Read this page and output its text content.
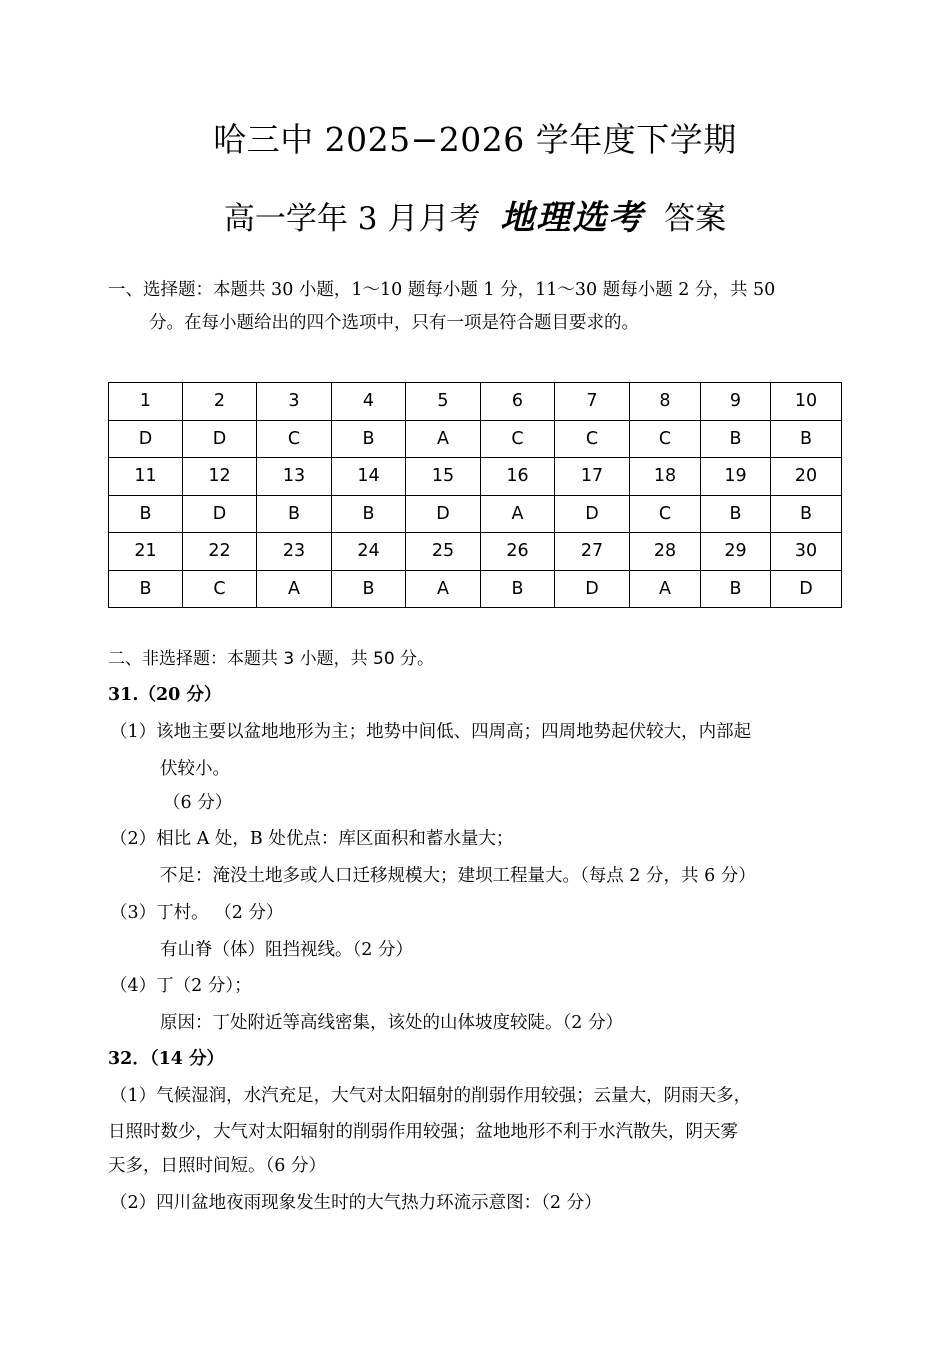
哈三中 2025−2026 学年度下学期
高一学年 3 月月考 地理选考 答案
一、选择题：本题共 30 小题，1～10 题每小题 1 分，11～30 题每小题 2 分，共 50
分。在每小题给出的四个选项中，只有一项是符合题目要求的。
1	2	3	4	5	6	7	8	9	10
D	D	C	B	A	C	C	C	B	B
11	12	13	14	15	16	17	18	19	20
B	D	B	B	D	A	D	C	B	B
21	22	23	24	25	26	27	28	29	30
B	C	A	B	A	B	D	A	B	D
二、非选择题：本题共 3 小题，共 50 分。
31.（20 分）
（1）该地主要以盆地地形为主；地势中间低、四周高；四周地势起伏较大，内部起
伏较小。
（6 分）
（2）相比 A 处，B 处优点：库区面积和蓄水量大；
不足：淹没土地多或人口迁移规模大；建坝工程量大。（每点 2 分，共 6 分）
（3）丁村。 （2 分）
有山脊（体）阻挡视线。（2 分）
（4）丁（2 分）；
原因：丁处附近等高线密集，该处的山体坡度较陡。（2 分）
32．（14 分）
（1）气候湿润，水汽充足，大气对太阳辐射的削弱作用较强；云量大，阴雨天多，
日照时数少，大气对太阳辐射的削弱作用较强；盆地地形不利于水汽散失，阴天雾
天多，日照时间短。（6 分）
（2）四川盆地夜雨现象发生时的大气热力环流示意图：（2 分）
